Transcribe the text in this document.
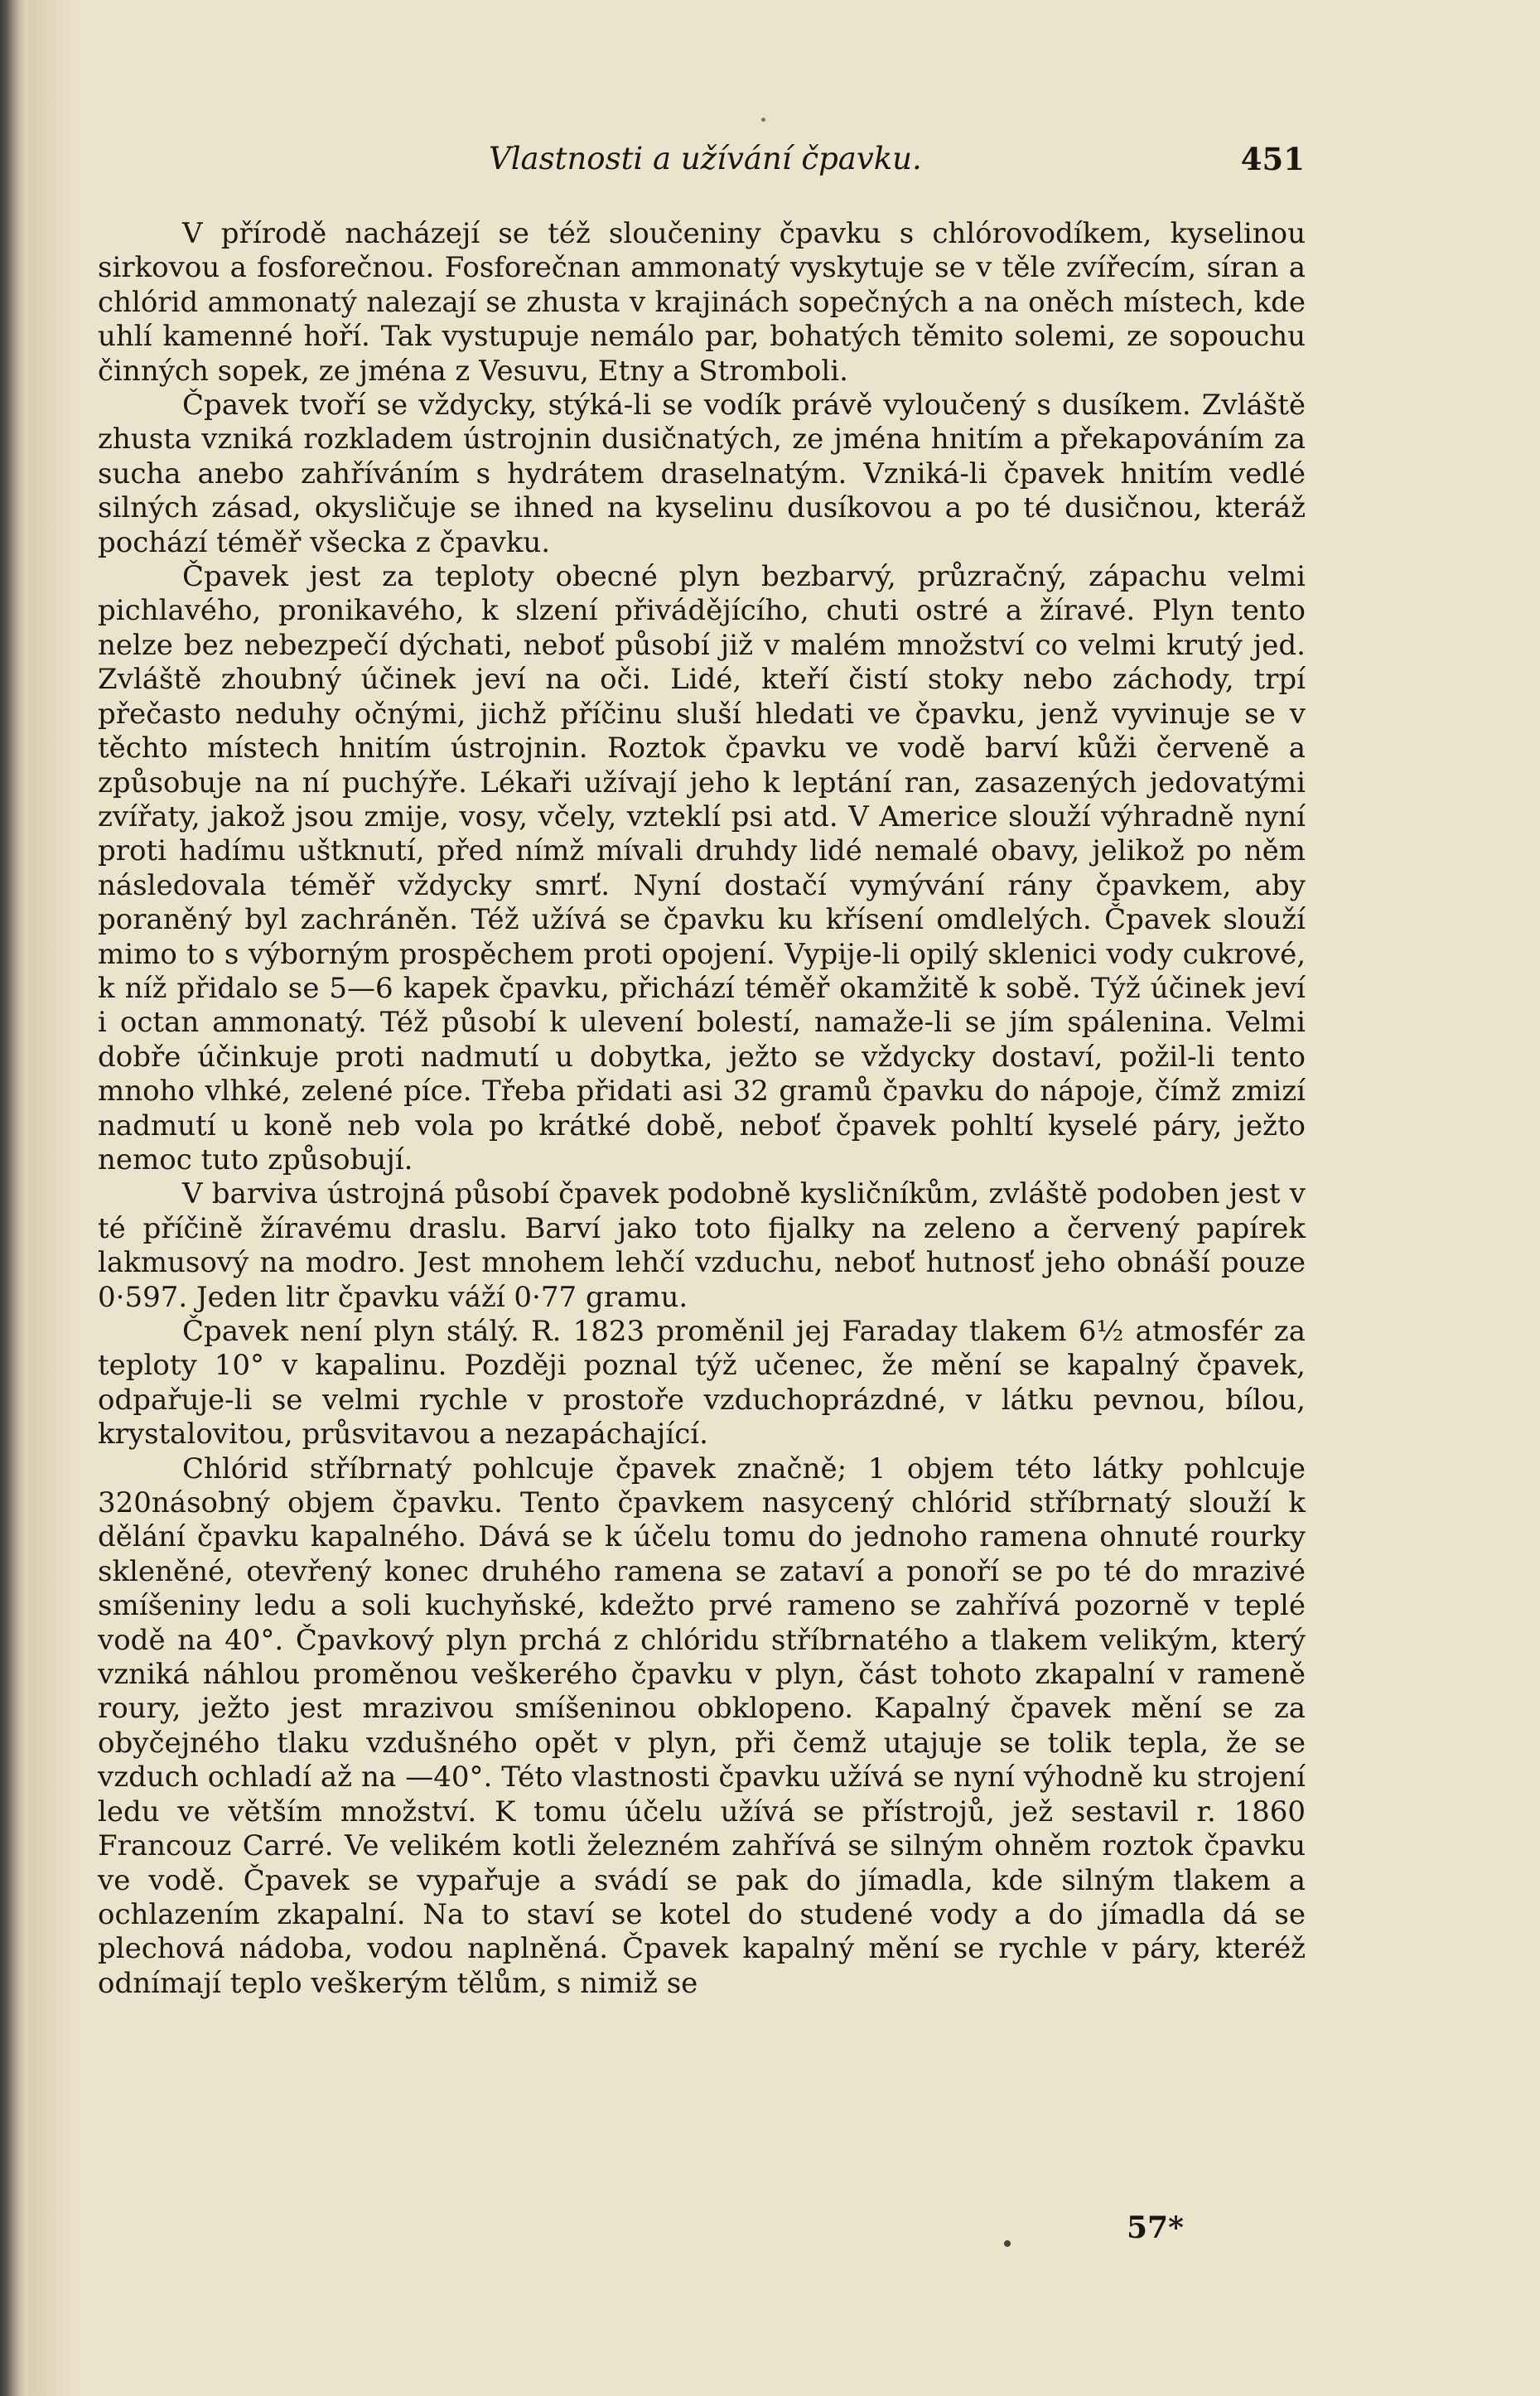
Vlastnosti a užívání čpavku.	451

V přírodě nacházejí se též sloučeniny čpavku s chlórovodíkem, kyselinou sirkovou a fosforečnou. Fosforečnan ammonatý vyskytuje se v těle zvířecím, síran a chlórid ammonatý nalezají se zhusta v krajinách sopečných a na oněch místech, kde uhlí kamenné hoří. Tak vystupuje nemálo par, bohatých těmito solemi, ze sopouchu činných sopek, ze jména z Vesuvu, Etny a Stromboli.

Čpavek tvoří se vždycky, stýká-li se vodík právě vyloučený s dusíkem. Zvláště zhusta vzniká rozkladem ústrojnin dusičnatých, ze jména hnitím a překapováním za sucha anebo zahříváním s hydrátem draselnatým. Vzniká-li čpavek hnitím vedlé silných zásad, okysličuje se ihned na kyselinu dusíkovou a po té dusičnou, kteráž pochází téměř všecka z čpavku.

Čpavek jest za teploty obecné plyn bezbarvý, průzračný, zápachu velmi pichlavého, pronikavého, k slzení přivádějícího, chuti ostré a žíravé. Plyn tento nelze bez nebezpečí dýchati, neboť působí již v malém množství co velmi krutý jed. Zvláště zhoubný účinek jeví na oči. Lidé, kteří čistí stoky nebo záchody, trpí přečasto neduhy očnými, jichž příčinu sluší hledati ve čpavku, jenž vyvinuje se v těchto místech hnitím ústrojnin. Roztok čpavku ve vodě barví kůži červeně a způsobuje na ní puchýře. Lékaři užívají jeho k leptání ran, zasazených jedovatými zvířaty, jakož jsou zmije, vosy, včely, vzteklí psi atd. V Americe slouží výhradně nyní proti hadímu uštknutí, před nímž mívali druhdy lidé nemalé obavy, jelikož po něm následovala téměř vždycky smrť. Nyní dostačí vymývání rány čpavkem, aby poraněný byl zachráněn. Též užívá se čpavku ku křísení omdlelých. Čpavek slouží mimo to s výborným prospěchem proti opojení. Vypije-li opilý sklenici vody cukrové, k níž přidalo se 5—6 kapek čpavku, přichází téměř okamžitě k sobě. Týž účinek jeví i octan ammonatý. Též působí k ulevení bolestí, namaže-li se jím spálenina. Velmi dobře účinkuje proti nadmutí u dobytka, ježto se vždycky dostaví, požil-li tento mnoho vlhké, zelené píce. Třeba přidati asi 32 gramů čpavku do nápoje, čímž zmizí nadmutí u koně neb vola po krátké době, neboť čpavek pohltí kyselé páry, ježto nemoc tuto způsobují.

V barviva ústrojná působí čpavek podobně kysličníkům, zvláště podoben jest v té příčině žíravému draslu. Barví jako toto fijalky na zeleno a červený papírek lakmusový na modro. Jest mnohem lehčí vzduchu, neboť hutnosť jeho obnáší pouze 0·597. Jeden litr čpavku váží 0·77 gramu.

Čpavek není plyn stálý. R. 1823 proměnil jej Faraday tlakem 6½ atmosfér za teploty 10° v kapalinu. Později poznal týž učenec, že mění se kapalný čpavek, odpařuje-li se velmi rychle v prostoře vzduchoprázdné, v látku pevnou, bílou, krystalovitou, průsvitavou a nezapáchající.

Chlórid stříbrnatý pohlcuje čpavek značně; 1 objem této látky pohlcuje 320násobný objem čpavku. Tento čpavkem nasycený chlórid stříbrnatý slouží k dělání čpavku kapalného. Dává se k účelu tomu do jednoho ramena ohnuté rourky skleněné, otevřený konec druhého ramena se zataví a ponoří se po té do mrazivé smíšeniny ledu a soli kuchyňské, kdežto prvé rameno se zahřívá pozorně v teplé vodě na 40°. Čpavkový plyn prchá z chlóridu stříbrnatého a tlakem velikým, který vzniká náhlou proměnou veškerého čpavku v plyn, část tohoto zkapalní v rameně roury, ježto jest mrazivou smíšeninou obklopeno. Kapalný čpavek mění se za obyčejného tlaku vzdušného opět v plyn, při čemž utajuje se tolik tepla, že se vzduch ochladí až na —40°. Této vlastnosti čpavku užívá se nyní výhodně ku strojení ledu ve větším množství. K tomu účelu užívá se přístrojů, jež sestavil r. 1860 Francouz Carré. Ve velikém kotli železném zahřívá se silným ohněm roztok čpavku ve vodě. Čpavek se vypařuje a svádí se pak do jímadla, kde silným tlakem a ochlazením zkapalní. Na to staví se kotel do studené vody a do jímadla dá se plechová nádoba, vodou naplněná. Čpavek kapalný mění se rychle v páry, kteréž odnímají teplo veškerým tělům, s nimiž se

57*
